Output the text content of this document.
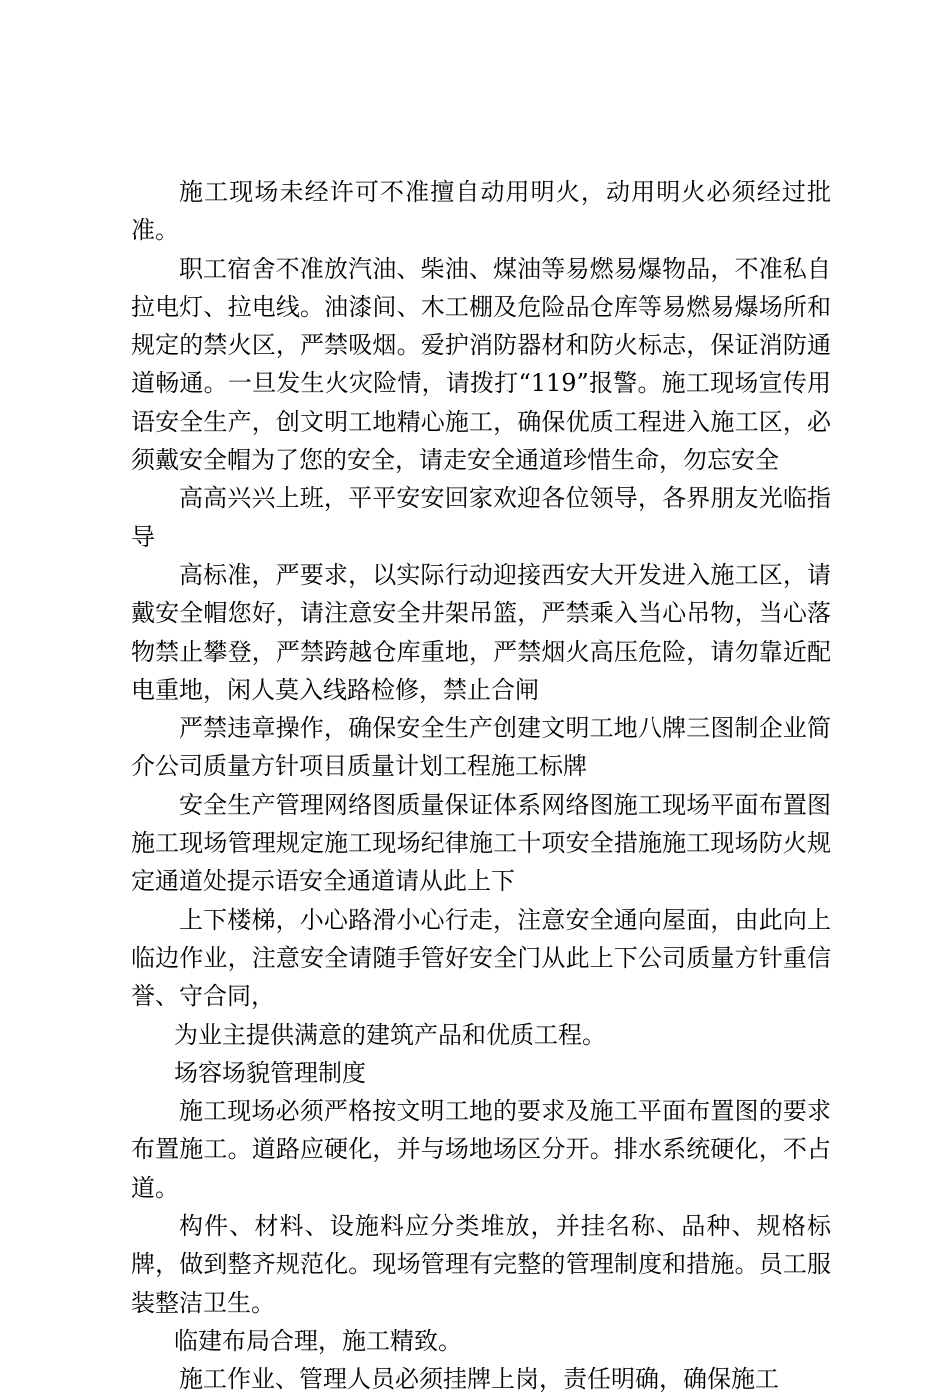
施工现场未经许可不准擅自动用明火，动用明火必须经过批准。

职工宿舍不准放汽油、柴油、煤油等易燃易爆物品，不准私自拉电灯、拉电线。油漆间、木工棚及危险品仓库等易燃易爆场所和规定的禁火区，严禁吸烟。爱护消防器材和防火标志，保证消防通道畅通。一旦发生火灾险情，请拨打“119”报警。施工现场宣传用语安全生产，创文明工地精心施工，确保优质工程进入施工区，必须戴安全帽为了您的安全，请走安全通道珍惜生命，勿忘安全

高高兴兴上班，平平安安回家欢迎各位领导，各界朋友光临指导

高标准，严要求，以实际行动迎接西安大开发进入施工区，请戴安全帽您好，请注意安全井架吊篮，严禁乘入当心吊物，当心落物禁止攀登，严禁跨越仓库重地，严禁烟火高压危险，请勿靠近配电重地，闲人莫入线路检修，禁止合闸

严禁违章操作，确保安全生产创建文明工地八牌三图制企业简介公司质量方针项目质量计划工程施工标牌

安全生产管理网络图质量保证体系网络图施工现场平面布置图施工现场管理规定施工现场纪律施工十项安全措施施工现场防火规定通道处提示语安全通道请从此上下

上下楼梯，小心路滑小心行走，注意安全通向屋面，由此向上临边作业，注意安全请随手管好安全门从此上下公司质量方针重信誉、守合同，

为业主提供满意的建筑产品和优质工程。

场容场貌管理制度

施工现场必须严格按文明工地的要求及施工平面布置图的要求布置施工。道路应硬化，并与场地场区分开。排水系统硬化，不占道。

构件、材料、设施料应分类堆放，并挂名称、品种、规格标牌，做到整齐规范化。现场管理有完整的管理制度和措施。员工服装整洁卫生。

临建布局合理，施工精致。

施工作业、管理人员必须挂牌上岗，责任明确，确保施工
